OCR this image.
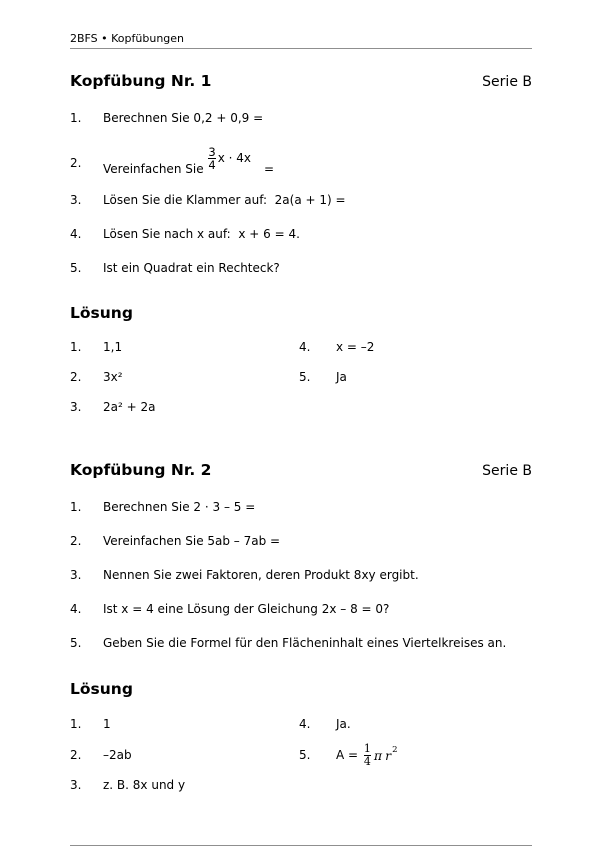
2BFS • Kopfübungen
Kopfübung Nr. 1	Serie B
1.	Berechnen Sie 0,2 + 0,9 =
2.	Vereinfachen Sie $\frac{3}{4}$ x · 4x
=
3.	Lösen Sie die Klammer auf:  2a(a + 1) =
4.	Lösen Sie nach x auf:  x + 6 = 4.
5.	Ist ein Quadrat ein Rechteck?
Lösung
1.	1,1	4.	x = –2
2.	3x²	5.	Ja
3.	2a² + 2a
Kopfübung Nr. 2	Serie B
1.	Berechnen Sie 2 · 3 – 5 =
2.	Vereinfachen Sie 5ab – 7ab =
3.	Nennen Sie zwei Faktoren, deren Produkt 8xy ergibt.
4.	Ist x = 4 eine Lösung der Gleichung 2x – 8 = 0?
5.	Geben Sie die Formel für den Flächeninhalt eines Viertelkreises an.
Lösung
1.	1	4.	Ja.
2.	–2ab	5.	$A = \frac{1}{4}$ π r 2
3.	z. B. 8x und y
